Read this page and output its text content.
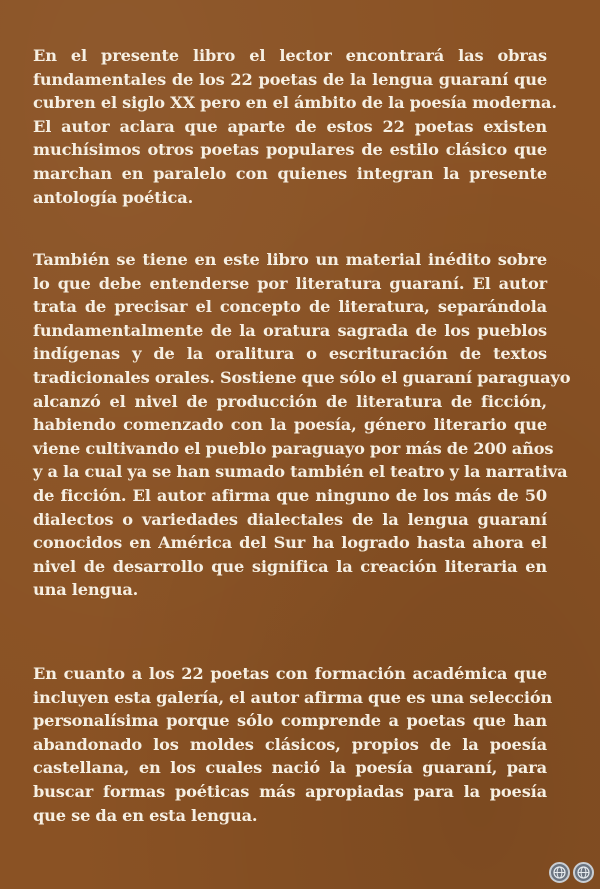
En el presente libro el lector encontrará las obras
fundamentales de los 22 poetas de la lengua guaraní que
cubren el siglo XX pero en el ámbito de la poesía moderna.
El autor aclara que aparte de estos 22 poetas existen
muchísimos otros poetas populares de estilo clásico que
marchan en paralelo con quienes integran la presente
antología poética.
También se tiene en este libro un material inédito sobre
lo que debe entenderse por literatura guaraní. El autor
trata de precisar el concepto de literatura, separándola
fundamentalmente de la oratura sagrada de los pueblos
indígenas y de la oralitura o escrituración de textos
tradicionales orales. Sostiene que sólo el guaraní paraguayo
alcanzó el nivel de producción de literatura de ficción,
habiendo comenzado con la poesía, género literario que
viene cultivando el pueblo paraguayo por más de 200 años
y a la cual ya se han sumado también el teatro y la narrativa
de ficción. El autor afirma que ninguno de los más de 50
dialectos o variedades dialectales de la lengua guaraní
conocidos en América del Sur ha logrado hasta ahora el
nivel de desarrollo que significa la creación literaria en
una lengua.
En cuanto a los 22 poetas con formación académica que
incluyen esta galería, el autor afirma que es una selección
personalísima porque sólo comprende a poetas que han
abandonado los moldes clásicos, propios de la poesía
castellana, en los cuales nació la poesía guaraní, para
buscar formas poéticas más apropiadas para la poesía
que se da en esta lengua.
